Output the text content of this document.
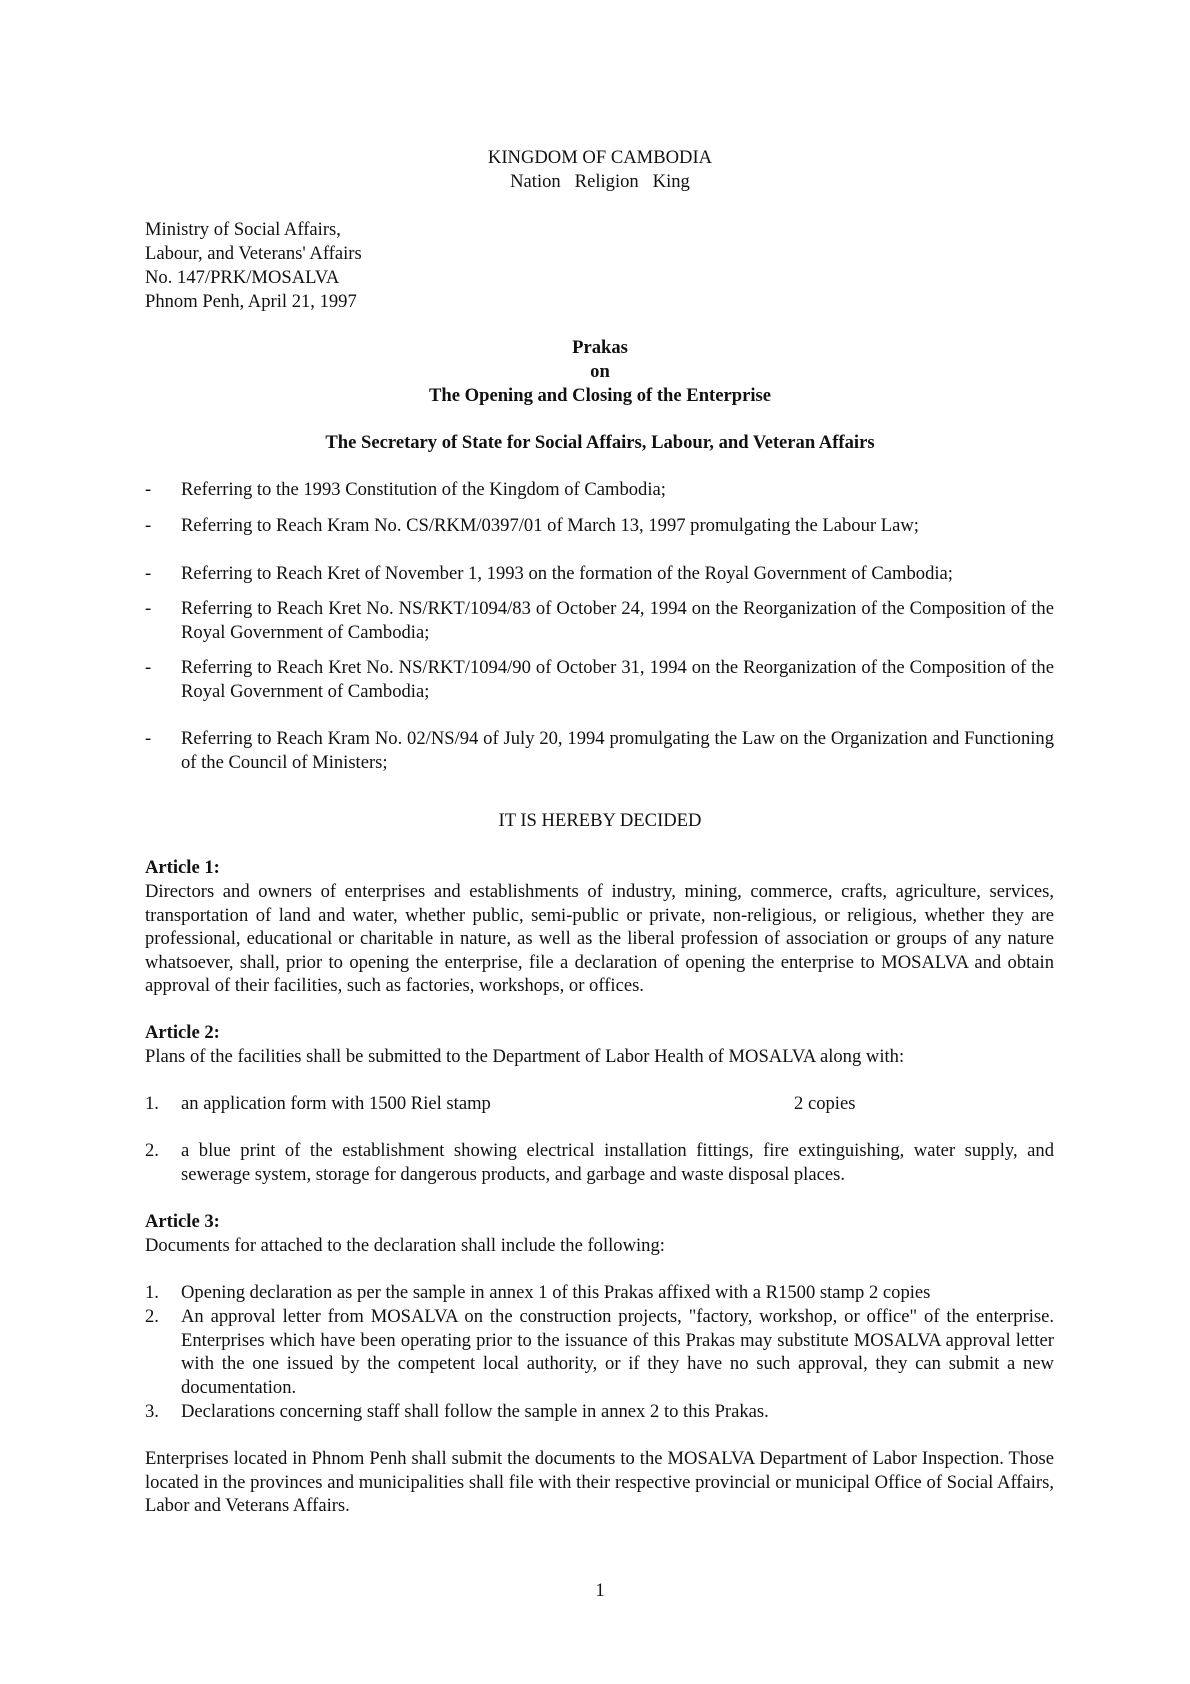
KINGDOM OF CAMBODIA
Nation   Religion   King
Ministry of Social Affairs,
Labour, and Veterans' Affairs
No. 147/PRK/MOSALVA
Phnom Penh, April 21, 1997
Prakas
on
The Opening and Closing of the Enterprise
The Secretary of State for Social Affairs, Labour, and Veteran Affairs
- Referring to the 1993 Constitution of the Kingdom of Cambodia;
- Referring to Reach Kram No. CS/RKM/0397/01 of March 13, 1997 promulgating the Labour Law;
- Referring to Reach Kret of November 1, 1993 on the formation of the Royal Government of Cambodia;
- Referring to Reach Kret No. NS/RKT/1094/83 of October 24, 1994 on the Reorganization of the Composition of the Royal Government of Cambodia;
- Referring to Reach Kret No. NS/RKT/1094/90 of October 31, 1994 on the Reorganization of the Composition of the Royal Government of Cambodia;
- Referring to Reach Kram No. 02/NS/94 of July 20, 1994 promulgating the Law on the Organization and Functioning of the Council of Ministers;
IT IS HEREBY DECIDED
Article 1:
Directors and owners of enterprises and establishments of industry, mining, commerce, crafts, agriculture, services, transportation of land and water, whether public, semi-public or private, non-religious, or religious, whether they are professional, educational or charitable in nature, as well as the liberal profession of association or groups of any nature whatsoever, shall, prior to opening the enterprise, file a declaration of opening the enterprise to MOSALVA and obtain approval of their facilities, such as factories, workshops, or offices.
Article 2:
Plans of the facilities shall be submitted to the Department of Labor Health of MOSALVA along with:
1. an application form with 1500 Riel stamp	2 copies
2. a blue print of the establishment showing electrical installation fittings, fire extinguishing, water supply, and sewerage system, storage for dangerous products, and garbage and waste disposal places.
Article 3:
Documents for attached to the declaration shall include the following:
1. Opening declaration as per the sample in annex 1 of this Prakas affixed with a R1500 stamp 2 copies
2. An approval letter from MOSALVA on the construction projects, "factory, workshop, or office" of the enterprise. Enterprises which have been operating prior to the issuance of this Prakas may substitute MOSALVA approval letter with the one issued by the competent local authority, or if they have no such approval, they can submit a new documentation.
3. Declarations concerning staff shall follow the sample in annex 2 to this Prakas.
Enterprises located in Phnom Penh shall submit the documents to the MOSALVA Department of Labor Inspection. Those located in the provinces and municipalities shall file with their respective provincial or municipal Office of Social Affairs, Labor and Veterans Affairs.
1
